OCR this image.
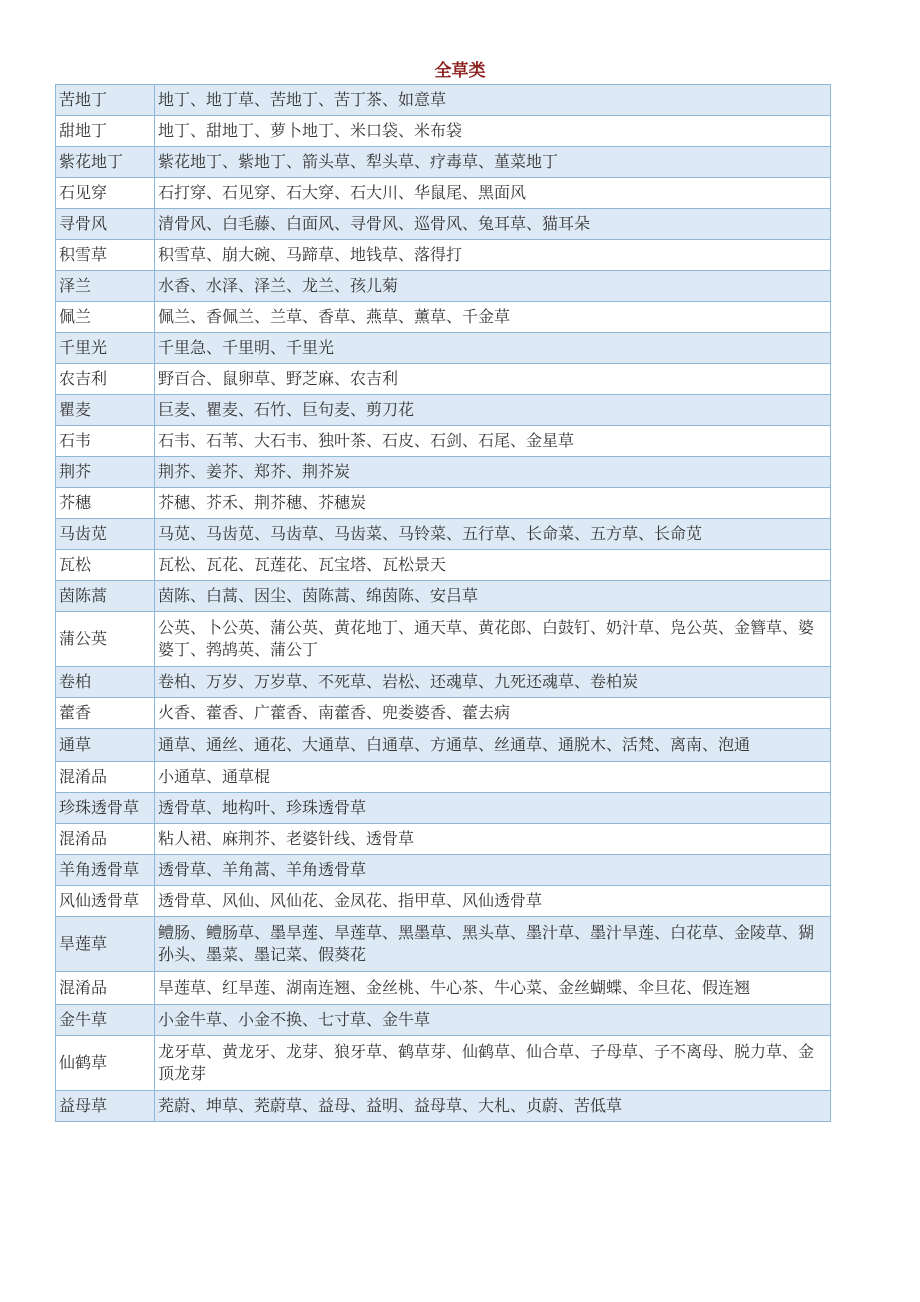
全草类
苦地丁	地丁、地丁草、苦地丁、苦丁茶、如意草
甜地丁	地丁、甜地丁、萝卜地丁、米口袋、米布袋
紫花地丁	紫花地丁、紫地丁、箭头草、犁头草、疗毒草、堇菜地丁
石见穿	石打穿、石见穿、石大穿、石大川、华鼠尾、黑面风
寻骨风	清骨风、白毛藤、白面风、寻骨风、巡骨风、兔耳草、猫耳朵
积雪草	积雪草、崩大碗、马蹄草、地钱草、落得打
泽兰	水香、水泽、泽兰、龙兰、孩儿菊
佩兰	佩兰、香佩兰、兰草、香草、燕草、薰草、千金草
千里光	千里急、千里明、千里光
农吉利	野百合、鼠卵草、野芝麻、农吉利
瞿麦	巨麦、瞿麦、石竹、巨句麦、剪刀花
石韦	石韦、石苇、大石韦、独叶茶、石皮、石剑、石尾、金星草
荆芥	荆芥、姜芥、郑芥、荆芥炭
芥穗	芥穗、芥禾、荆芥穗、芥穗炭
马齿苋	马苋、马齿苋、马齿草、马齿菜、马铃菜、五行草、长命菜、五方草、长命苋
瓦松	瓦松、瓦花、瓦莲花、瓦宝塔、瓦松景天
茵陈蒿	茵陈、白蒿、因尘、茵陈蒿、绵茵陈、安吕草
蒲公英	公英、卜公英、蒲公英、黄花地丁、通天草、黄花郎、白鼓钉、奶汁草、凫公英、金簪草、婆婆丁、鹁鸪英、蒲公丁
卷柏	卷柏、万岁、万岁草、不死草、岩松、还魂草、九死还魂草、卷柏炭
藿香	火香、藿香、广藿香、南藿香、兜娄婆香、藿去病
通草	通草、通丝、通花、大通草、白通草、方通草、丝通草、通脱木、活梵、离南、泡通
混淆品	小通草、通草棍
珍珠透骨草	透骨草、地构叶、珍珠透骨草
混淆品	粘人裙、麻荆芥、老婆针线、透骨草
羊角透骨草	透骨草、羊角蒿、羊角透骨草
风仙透骨草	透骨草、风仙、风仙花、金凤花、指甲草、风仙透骨草
旱莲草	鳢肠、鳢肠草、墨旱莲、旱莲草、黑墨草、黑头草、墨汁草、墨汁旱莲、白花草、金陵草、猢孙头、墨菜、墨记菜、假葵花
混淆品	旱莲草、红旱莲、湖南连翘、金丝桃、牛心茶、牛心菜、金丝蝴蝶、伞旦花、假连翘
金牛草	小金牛草、小金不换、七寸草、金牛草
仙鹤草	龙牙草、黄龙牙、龙芽、狼牙草、鹤草芽、仙鹤草、仙合草、子母草、子不离母、脱力草、金顶龙芽
益母草	茺蔚、坤草、茺蔚草、益母、益明、益母草、大札、贞蔚、苦低草
